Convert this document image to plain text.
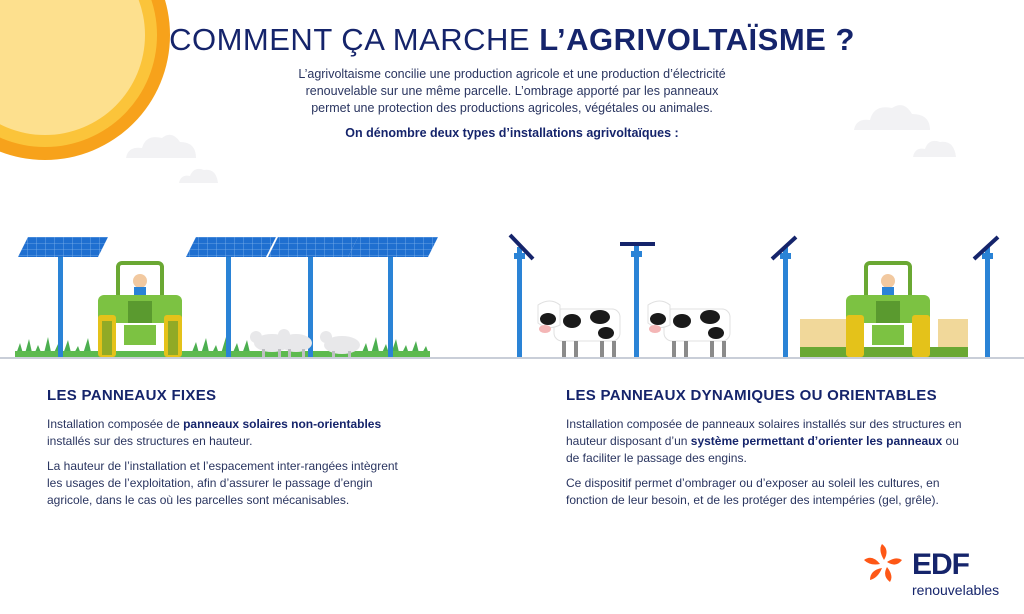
COMMENT ÇA MARCHE L’AGRIVOLTAÏSME ?
L’agrivoltaisme concilie une production agricole et une production d’électricité
renouvelable sur une même parcelle. L’ombrage apporté par les panneaux
permet une protection des productions agricoles, végétales ou animales.
On dénombre deux types d’installations agrivoltaïques :
LES PANNEAUX FIXES

Installation composée de panneaux solaires non-orientables installés sur des structures en hauteur.

La hauteur de l’installation et l’espacement inter-rangées intègrent les usages de l’exploitation, afin d’assurer le passage d’engin agricole, dans le cas où les parcelles sont mécanisables.

LES PANNEAUX DYNAMIQUES OU ORIENTABLES

Installation composée de panneaux solaires installés sur des structures en hauteur disposant d’un système permettant d’orienter les panneaux ou de faciliter le passage des engins.

Ce dispositif permet d’ombrager ou d’exposer au soleil les cultures, en fonction de leur besoin, et de les protéger des intempéries (gel, grêle).

EDF
renouvelables
